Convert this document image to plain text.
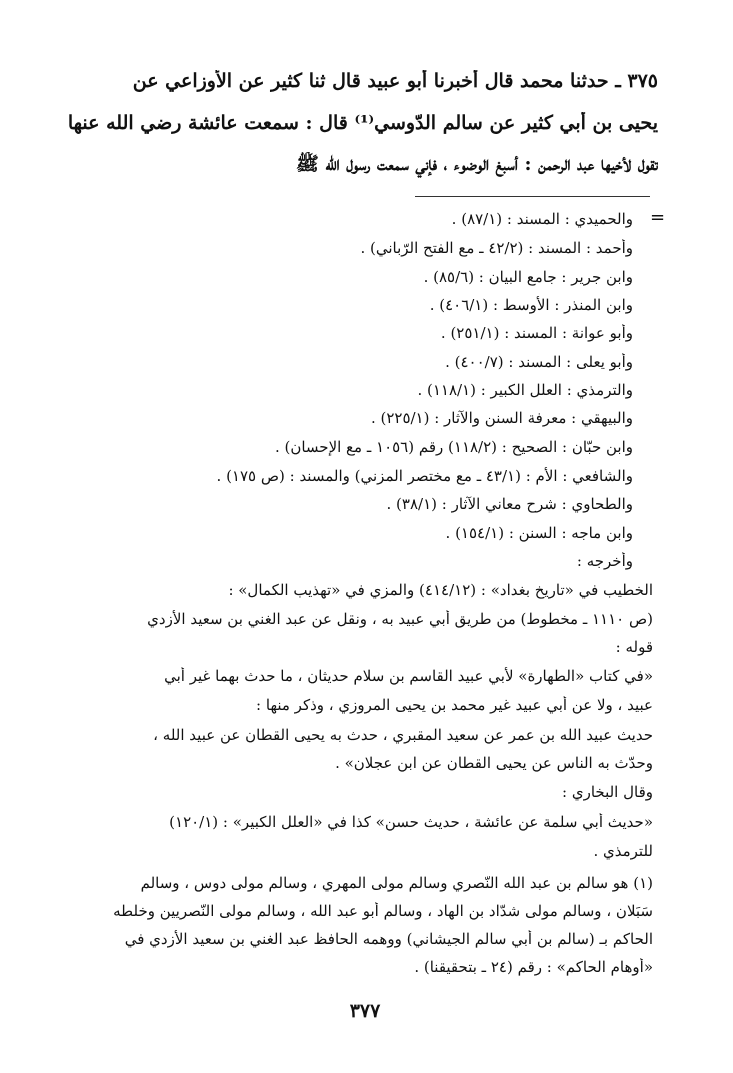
٣٧٥ ـ حدثنا محمد قال أخبرنا أبو عبيد قال ثنا كثير عن الأوزاعي عن
يحيى بن أبي كثير عن سالم الدّوسي⁽¹⁾ قال : سمعت عائشة رضي الله عنها
تقول لأخيها عبد الرحمن : أسبغ الوضوء ، فإني سمعت رسول الله ﷺ
=
والحميدي : المسند : (٨٧/١) .
وأحمد : المسند : (٤٢/٢ ـ مع الفتح الرّباني) .
وابن جرير : جامع البيان : (٨٥/٦) .
وابن المنذر : الأوسط : (٤٠٦/١) .
وأبو عوانة : المسند : (٢٥١/١) .
وأبو يعلى : المسند : (٤٠٠/٧) .
والترمذي : العلل الكبير : (١١٨/١) .
والبيهقي : معرفة السنن والآثار : (٢٢٥/١) .
وابن حبّان : الصحيح : (١١٨/٢) رقم (١٠٥٦ ـ مع الإحسان) .
والشافعي : الأم : (٤٣/١ ـ مع مختصر المزني) والمسند : (ص ١٧٥) .
والطحاوي : شرح معاني الآثار : (٣٨/١) .
وابن ماجه : السنن : (١٥٤/١) .
وأخرجه :
الخطيب في «تاريخ بغداد» : (٤١٤/١٢) والمزي في «تهذيب الكمال» :
(ص ١١١٠ ـ مخطوط) من طريق أبي عبيد به ، ونقل عن عبد الغني بن سعيد الأزدي
قوله :
«في كتاب «الطهارة» لأبي عبيد القاسم بن سلام حديثان ، ما حدث بهما غير أبي
عبيد ، ولا عن أبي عبيد غير محمد بن يحيى المروزي ، وذكر منها :
حديث عبيد الله بن عمر عن سعيد المقبري ، حدث به يحيى القطان عن عبيد الله ،
وحدّث به الناس عن يحيى القطان عن ابن عجلان» .
وقال البخاري :
«حديث أبي سلمة عن عائشة ، حديث حسن» كذا في «العلل الكبير» : (١٢٠/١)
للترمذي .
(١) هو سالم بن عبد الله النّصري وسالم مولى المهري ، وسالم مولى دوس ، وسالم
سَبَلان ، وسالم مولى شدّاد بن الهاد ، وسالم أبو عبد الله ، وسالم مولى النّصريين وخلطه
الحاكم بـ (سالم بن أبي سالم الجيشاني) ووهمه الحافظ عبد الغني بن سعيد الأزدي في
«أوهام الحاكم» : رقم (٢٤ ـ بتحقيقنا) .
٣٧٧
